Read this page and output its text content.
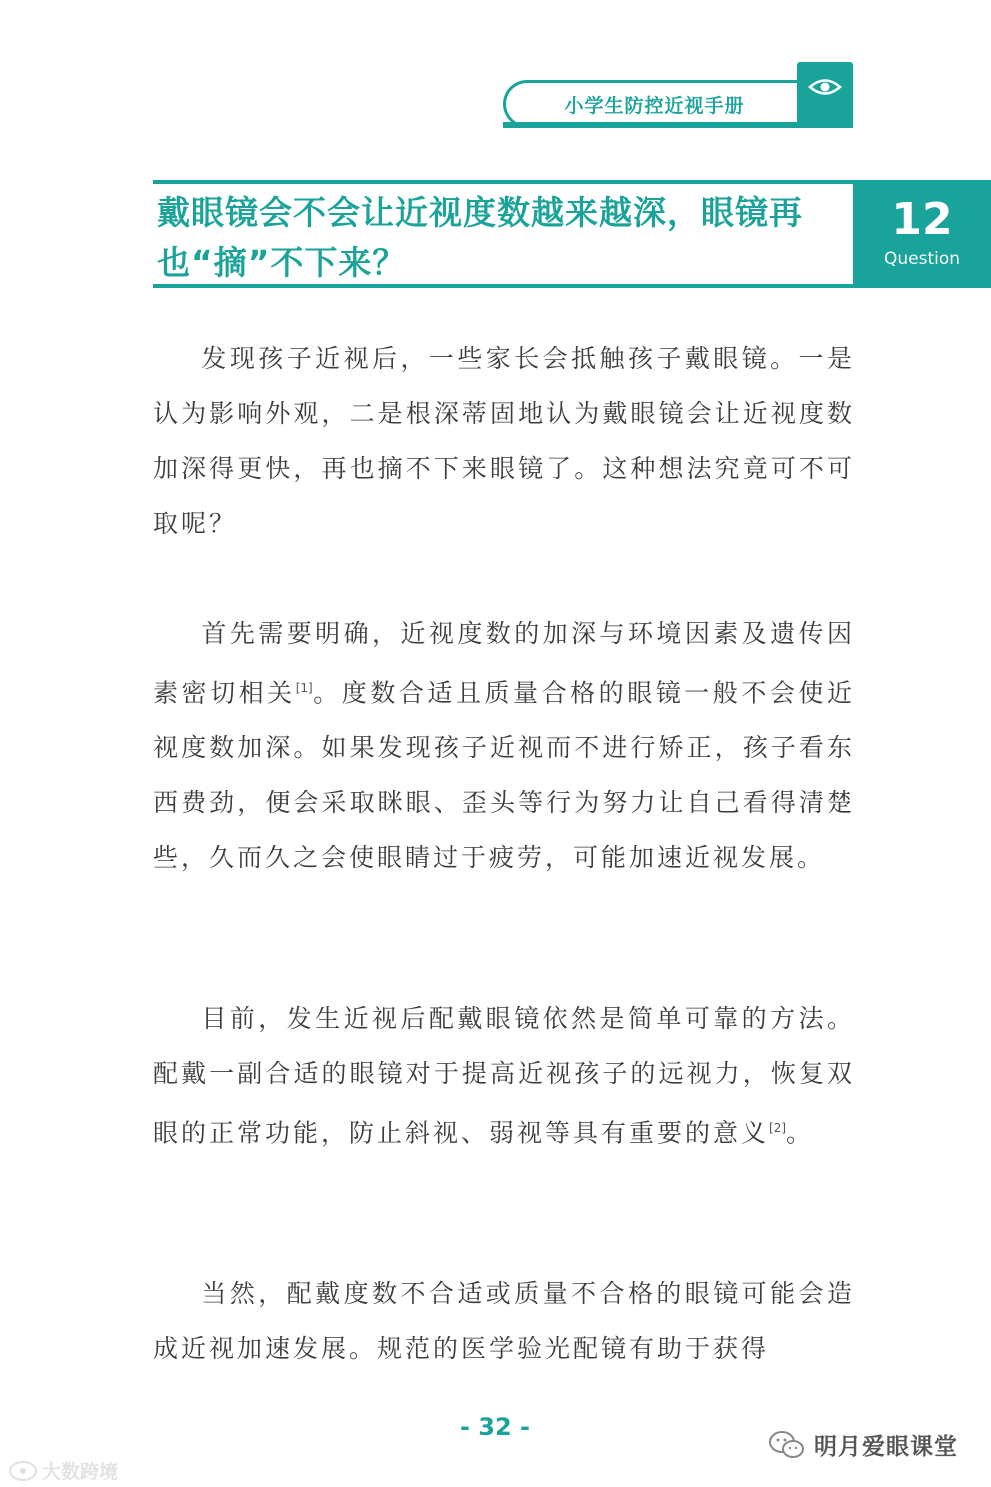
小学生防控近视手册
戴眼镜会不会让近视度数越来越深，眼镜再
也“摘”不下来？
12
Question
发现孩子近视后，一些家长会抵触孩子戴眼镜。一是认为影响外观，二是根深蒂固地认为戴眼镜会让近视度数加深得更快，再也摘不下来眼镜了。这种想法究竟可不可取呢？
首先需要明确，近视度数的加深与环境因素及遗传因素密切相关[1]。度数合适且质量合格的眼镜一般不会使近视度数加深。如果发现孩子近视而不进行矫正，孩子看东西费劲，便会采取眯眼、歪头等行为努力让自己看得清楚些，久而久之会使眼睛过于疲劳，可能加速近视发展。
目前，发生近视后配戴眼镜依然是简单可靠的方法。配戴一副合适的眼镜对于提高近视孩子的远视力，恢复双眼的正常功能，防止斜视、弱视等具有重要的意义[2]。
当然，配戴度数不合适或质量不合格的眼镜可能会造成近视加速发展。规范的医学验光配镜有助于获得
- 32 -
明月爱眼课堂
大数跨境
